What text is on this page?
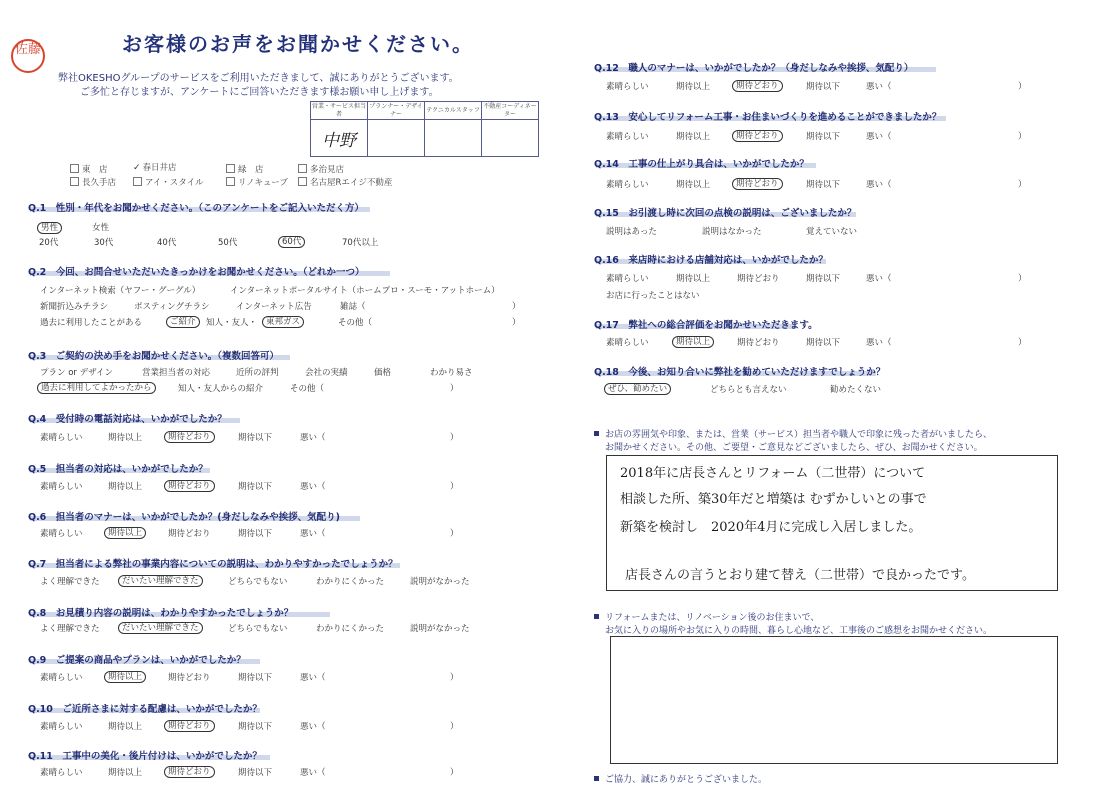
佐藤	お客様のお声をお聞かせください。
弊社OKESHOグループのサービスをご利用いただきまして、誠にありがとうございます。
ご多忙と存じますが、アンケートにご回答いただきます様お願い申し上げます。
営業・サービス担当者	プランナー・デザイナー	テクニカルスタッフ	不動産コーディネーター
中野			
東　店	✓ 春日井店	緑　店	多治見店
長久手店	アイ・スタイル	リノキューブ	名古屋Rエイジ不動産
Q.1　性別・年代をお聞かせください。（このアンケートをご記入いただく方）
男性	女性
20代	30代	40代	50代	60代	70代以上
Q.2　今回、お問合せいただいたきっかけをお聞かせください。（どれか一つ）
インターネット検索（ヤフー・グーグル）	インターネットポータルサイト（ホームプロ・スーモ・アットホーム）
新聞折込みチラシ	ポスティングチラシ	インターネット広告	雑誌（	）
過去に利用したことがある	ご紹介	知人・友人・	東邦ガス	その他（	）
Q.3　ご契約の決め手をお聞かせください。（複数回答可）
プラン or デザイン	営業担当者の対応	近所の評判	会社の実績	価格	わかり易さ
過去に利用してよかったから	知人・友人からの紹介	その他（	）
Q.4　受付時の電話対応は、いかがでしたか？
素晴らしい	期待以上	期待どおり	期待以下	悪い（	）
Q.5　担当者の対応は、いかがでしたか？
素晴らしい	期待以上	期待どおり	期待以下	悪い（	）
Q.6　担当者のマナーは、いかがでしたか？(身だしなみや挨拶、気配り)
素晴らしい	期待以上	期待どおり	期待以下	悪い（	）
Q.7　担当者による弊社の事業内容についての説明は、わかりやすかったでしょうか？
よく理解できた	だいたい理解できた	どちらでもない	わかりにくかった	説明がなかった
Q.8　お見積り内容の説明は、わかりやすかったでしょうか？
よく理解できた	だいたい理解できた	どちらでもない	わかりにくかった	説明がなかった
Q.9　ご提案の商品やプランは、いかがでしたか？
素晴らしい	期待以上	期待どおり	期待以下	悪い（	）
Q.10　ご近所さまに対する配慮は、いかがでしたか？
素晴らしい	期待以上	期待どおり	期待以下	悪い（	）
Q.11　工事中の美化・後片付けは、いかがでしたか？
素晴らしい	期待以上	期待どおり	期待以下	悪い（	）
Q.12　職人のマナーは、いかがでしたか？（身だしなみや挨拶、気配り）
素晴らしい	期待以上	期待どおり	期待以下	悪い（	）
Q.13　安心してリフォーム工事・お住まいづくりを進めることができましたか？
素晴らしい	期待以上	期待どおり	期待以下	悪い（	）
Q.14　工事の仕上がり具合は、いかがでしたか？
素晴らしい	期待以上	期待どおり	期待以下	悪い（	）
Q.15　お引渡し時に次回の点検の説明は、ございましたか？
説明はあった	説明はなかった	覚えていない
Q.16　来店時における店舗対応は、いかがでしたか？
素晴らしい	期待以上	期待どおり	期待以下	悪い（	）
お店に行ったことはない
Q.17　弊社への総合評価をお聞かせいただきます。
素晴らしい	期待以上	期待どおり	期待以下	悪い（	）
Q.18　今後、お知り合いに弊社を勧めていただけますでしょうか？
ぜひ、勧めたい	どちらとも言えない	勧めたくない
お店の雰囲気や印象、または、営業（サービス）担当者や職人で印象に残った者がいましたら、
お聞かせください。その他、ご要望・ご意見などございましたら、ぜひ、お聞かせください。
2018年に店長さんとリフォーム（二世帯）について
相談した所、築30年だと増築は むずかしいとの事で
新築を検討し　2020年4月に完成し入居しました。
店長さんの言うとおり建て替え（二世帯）で良かったです。
リフォームまたは、リノベーション後のお住まいで、
お気に入りの場所やお気に入りの時間、暮らし心地など、工事後のご感想をお聞かせください。
ご協力、誠にありがとうございました。
